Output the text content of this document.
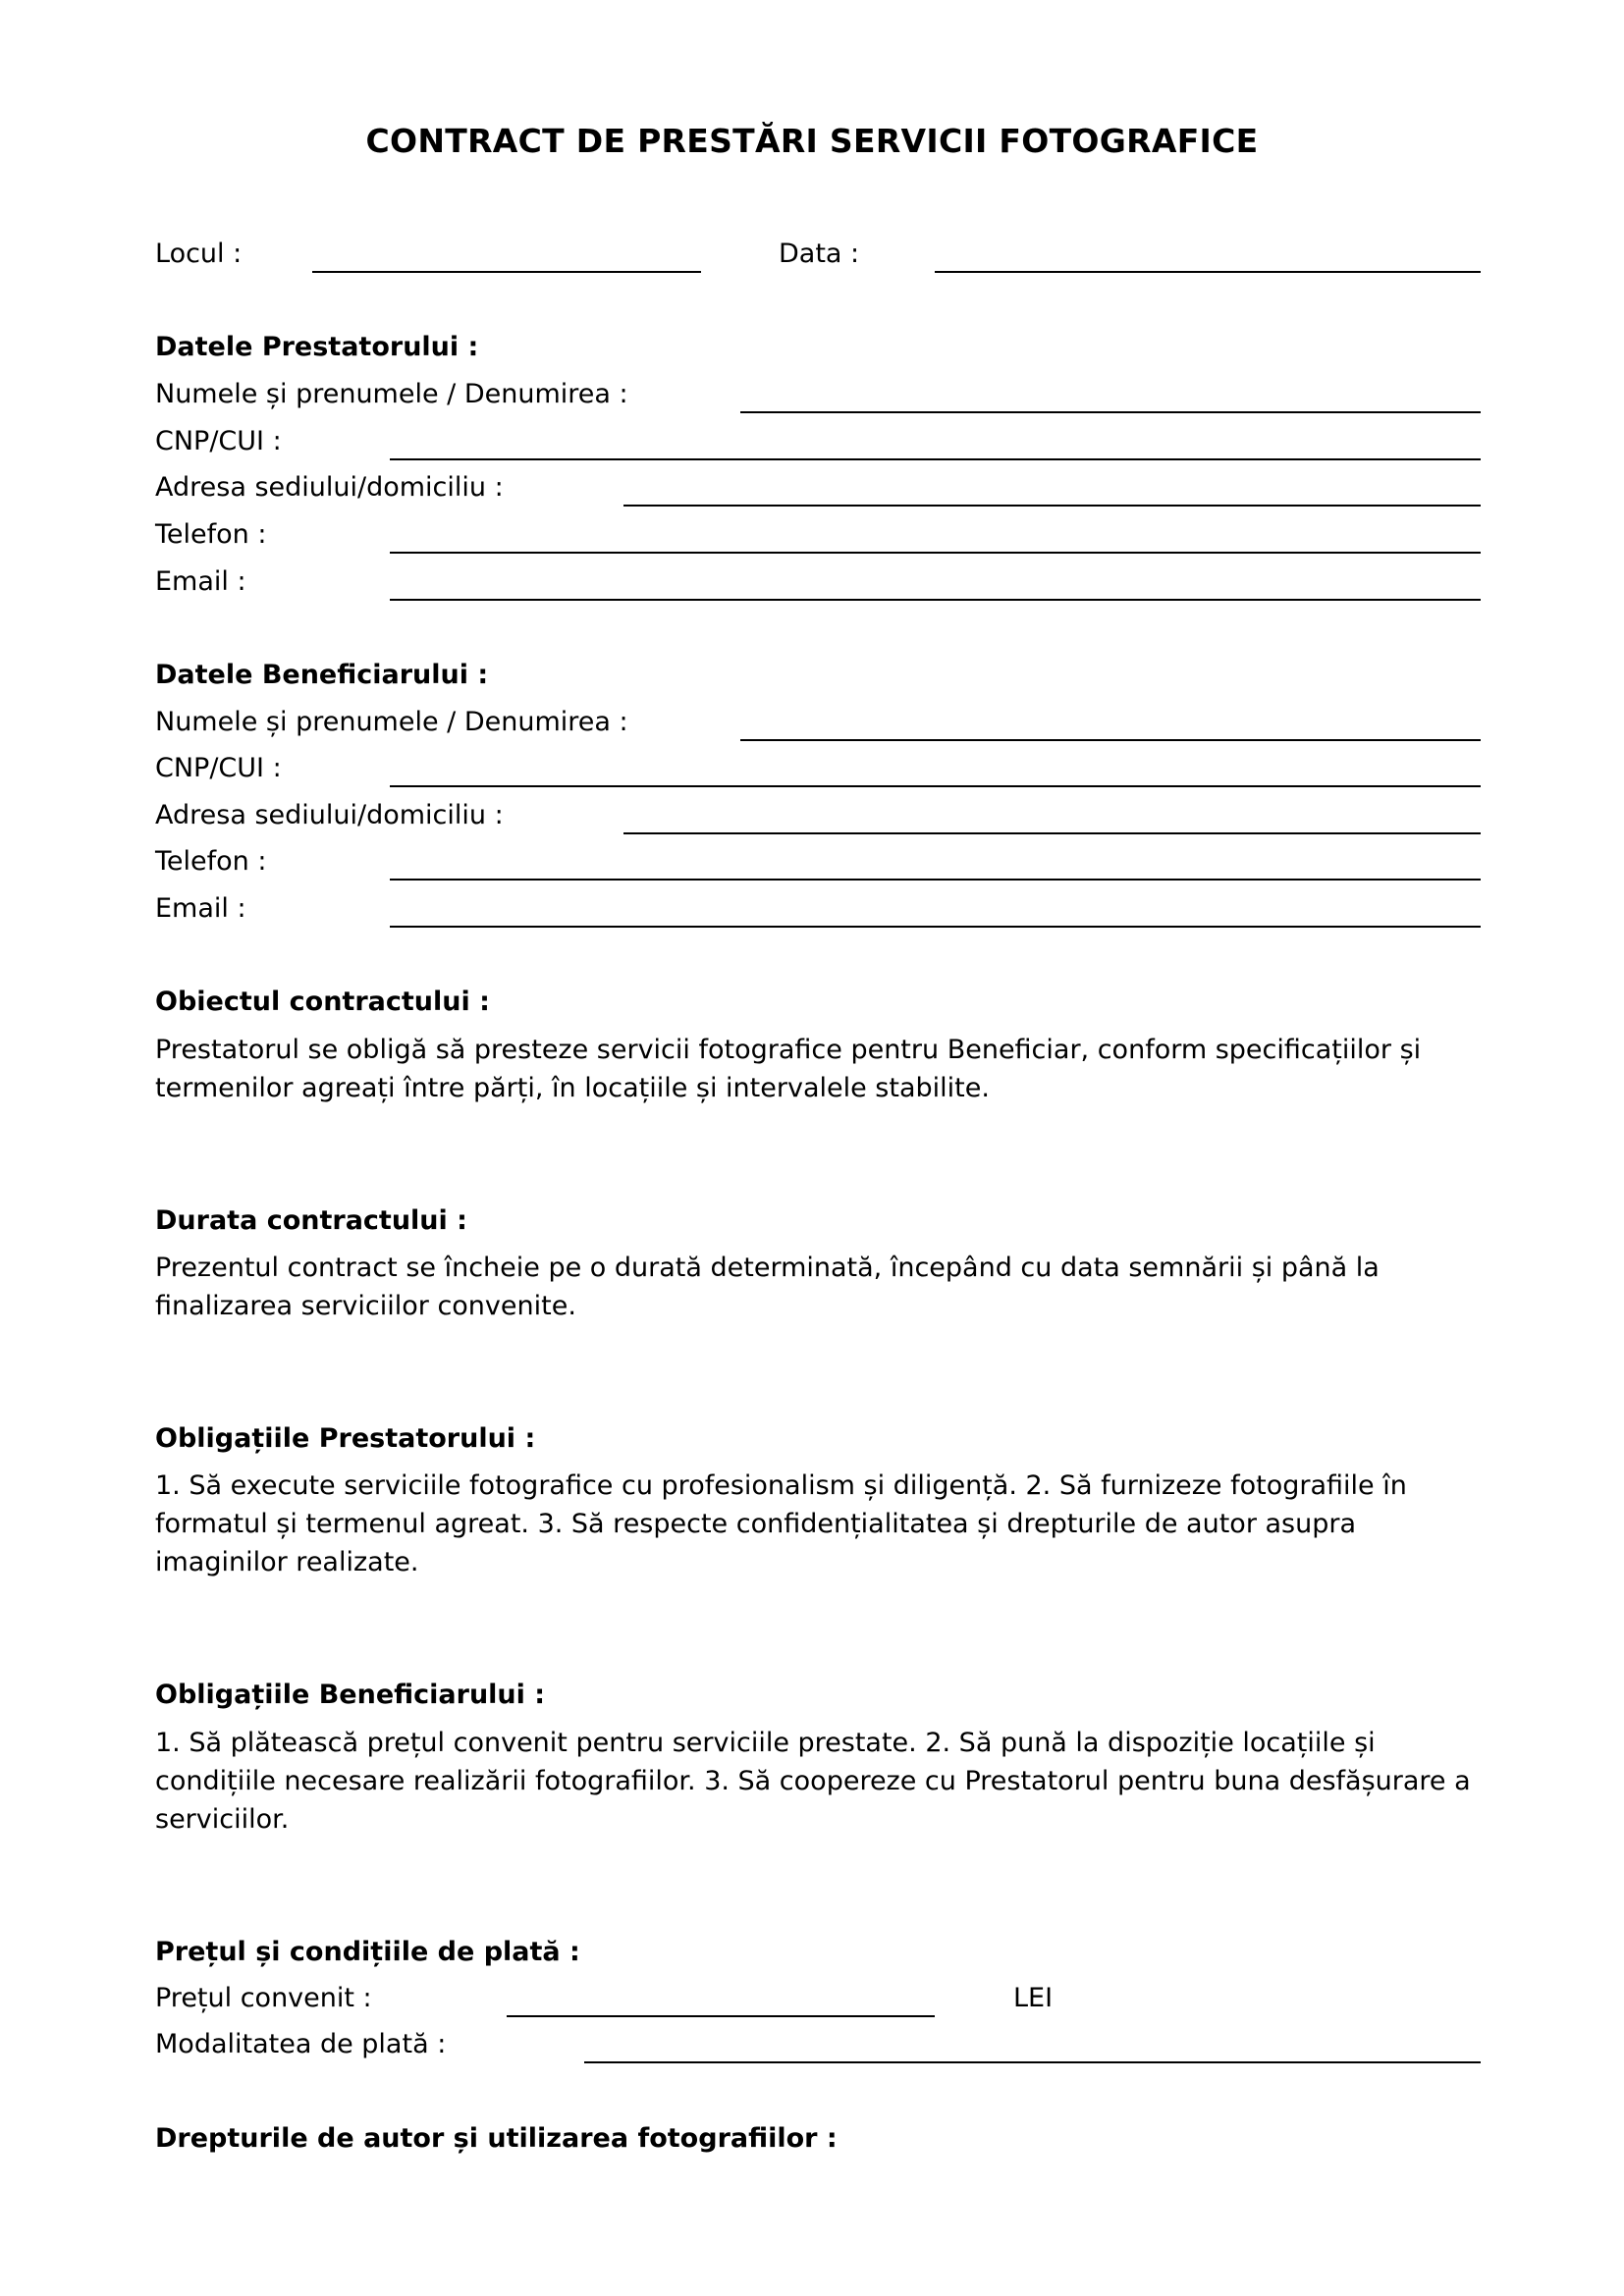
CONTRACT DE PRESTĂRI SERVICII FOTOGRAFICE
Locul :	Data :
Datele Prestatorului :
Numele și prenumele / Denumirea :
CNP/CUI :
Adresa sediului/domiciliu :
Telefon :
Email :
Datele Beneficiarului :
Numele și prenumele / Denumirea :
CNP/CUI :
Adresa sediului/domiciliu :
Telefon :
Email :
Obiectul contractului :
Prestatorul se obligă să presteze servicii fotografice pentru Beneficiar, conform specificațiilor și termenilor agreați între părți, în locațiile și intervalele stabilite.
Durata contractului :
Prezentul contract se încheie pe o durată determinată, începând cu data semnării și până la finalizarea serviciilor convenite.
Obligațiile Prestatorului :
1. Să execute serviciile fotografice cu profesionalism și diligență. 2. Să furnizeze fotografiile în formatul și termenul agreat. 3. Să respecte confidențialitatea și drepturile de autor asupra imaginilor realizate.
Obligațiile Beneficiarului :
1. Să plătească prețul convenit pentru serviciile prestate. 2. Să pună la dispoziție locațiile și condițiile necesare realizării fotografiilor. 3. Să coopereze cu Prestatorul pentru buna desfășurare a serviciilor.
Prețul și condițiile de plată :
Prețul convenit :	LEI
Modalitatea de plată :
Drepturile de autor și utilizarea fotografiilor :
